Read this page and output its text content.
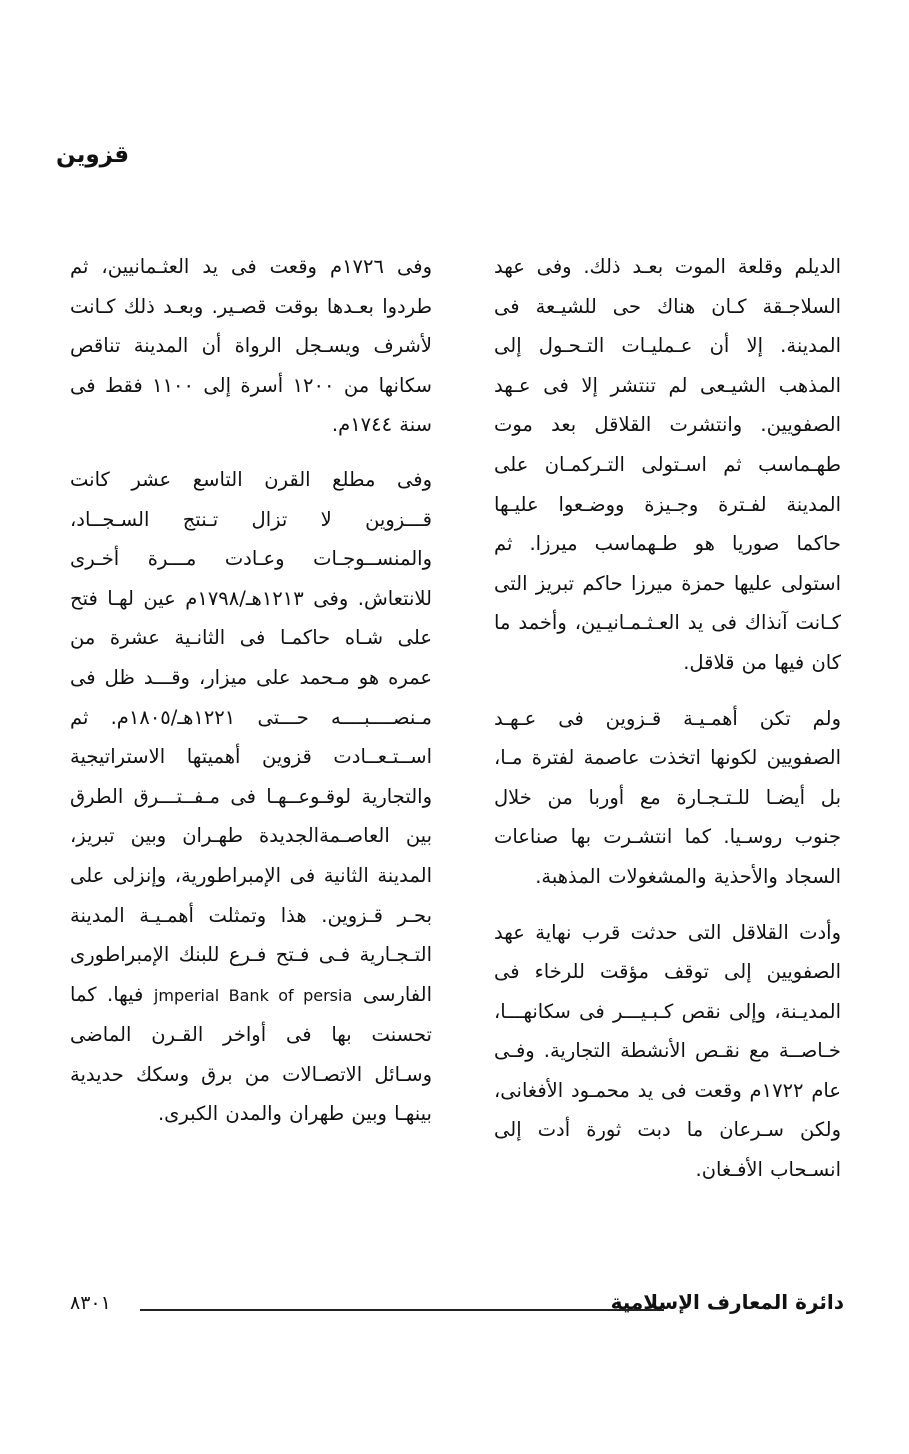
قزوين

الديلم وقلعة الموت بعـد ذلك. وفى عهد السلاجـقة كـان هناك حى للشيـعة فى المدينة. إلا أن عـمليـات التـحـول إلى المذهب الشيـعى لم تنتشر إلا فى عـهد الصفويين. وانتشرت القلاقل بعد موت طهـماسب ثم اسـتولى التـركمـان على المدينة لفـترة وجـيزة ووضـعوا عليـها حاكما صوريا هو طـهماسب ميرزا. ثم استولى عليها حمزة ميرزا حاكم تبريز التى كـانت آنذاك فى يد العـثـمـانيـين، وأخمد ما كان فيها من قلاقل.

ولم تكن أهمـيـة قـزوين فى عـهـد الصفويين لكونها اتخذت عاصمة لفترة مـا، بل أيضـا للـتـجـارة مع أوربا من خلال جنوب روسـيا. كما انتشـرت بها صناعات السجاد والأحذية والمشغولات المذهبة.

وأدت القلاقل التى حدثت قرب نهاية عهد الصفويين إلى توقف مؤقت للرخاء فى المديـنة، وإلى نقص كـبـيـــر فى سكانهـــا، خـاصــة مع نقـص الأنشطة التجارية. وفـى عام ١٧٢٢م وقعت فى يد محمـود الأفغانى، ولكن سـرعان ما دبت ثورة أدت إلى انسـحاب الأفـغان.

وفى ١٧٢٦م وقعت فى يد العثـمانيين، ثم طردوا بعـدها بوقت قصـير. وبعـد ذلك كـانت لأشرف ويسـجل الرواة أن المدينة تناقص سكانها من ١٢٠٠ أسرة إلى ١١٠٠ فقط فى سنة ١٧٤٤م.

وفى مطلع القرن التاسع عشر كانت قـــزوين لا تزال تـنتج السـجــاد، والمنســوجـات وعـادت مـــرة أخـرى للانتعاش. وفى ١٢١٣هـ/١٧٩٨م عين لهـا فتح على شـاه حاكمـا فى الثانـية عشرة من عمره هو مـحمد على ميزار، وقـــد ظل فى مـنصــــبــــه حـــتى ١٢٢١هـ/١٨٠٥م. ثم اســتـعــادت قزوين أهميتها الاستراتيجية والتجارية لوقـوعــهـا فى مـفــتـــرق الطرق بين العاصـمةالجديدة طهـران وبين تبريز، المدينة الثانية فى الإمبراطورية، وإنزلى على بحـر قـزوين. هذا وتمثلت أهمـيـة المدينة التـجـارية فـى فـتح فـرع للبنك الإمبراطورى الفارسى jmperial Bank of persia فيها. كما تحسنت بها فى أواخر القـرن الماضى وسـائل الاتصـالات من برق وسكك حديدية بينهـا وبين طهران والمدن الكبرى.

دائرة المعارف الإسلامية
٨٣٠١
